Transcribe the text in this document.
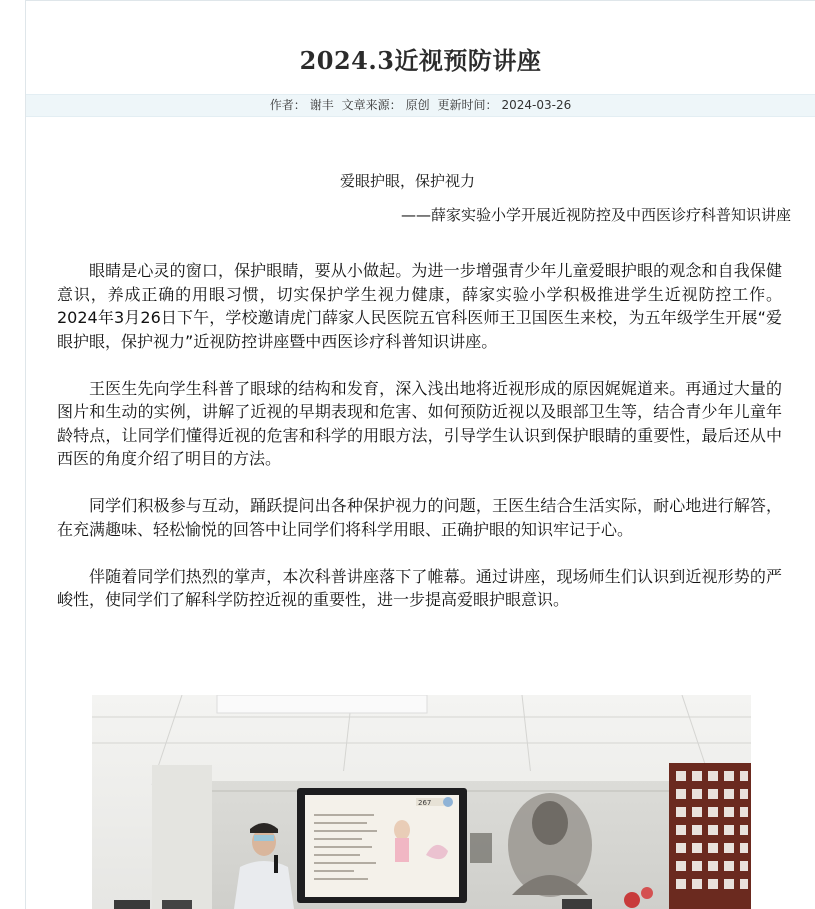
2024.3近视预防讲座
作者： 谢丰 文章来源： 原创 更新时间： 2024-03-26
爱眼护眼，保护视力
——薛家实验小学开展近视防控及中西医诊疗科普知识讲座

眼睛是心灵的窗口，保护眼睛，要从小做起。为进一步增强青少年儿童爱眼护眼的观念和自我保健意识，养成正确的用眼习惯，切实保护学生视力健康，薛家实验小学积极推进学生近视防控工作。2024年3月26日下午，学校邀请虎门薛家人民医院五官科医师王卫国医生来校，为五年级学生开展“爱眼护眼，保护视力”近视防控讲座暨中西医诊疗科普知识讲座。

王医生先向学生科普了眼球的结构和发育，深入浅出地将近视形成的原因娓娓道来。再通过大量的图片和生动的实例，讲解了近视的早期表现和危害、如何预防近视以及眼部卫生等，结合青少年儿童年龄特点，让同学们懂得近视的危害和科学的用眼方法，引导学生认识到保护眼睛的重要性，最后还从中西医的角度介绍了明目的方法。

同学们积极参与互动，踊跃提问出各种保护视力的问题，王医生结合生活实际，耐心地进行解答，在充满趣味、轻松愉悦的回答中让同学们将科学用眼、正确护眼的知识牢记于心。

伴随着同学们热烈的掌声，本次科普讲座落下了帷幕。通过讲座，现场师生们认识到近视形势的严峻性，使同学们了解科学防控近视的重要性，进一步提高爱眼护眼意识。

267
